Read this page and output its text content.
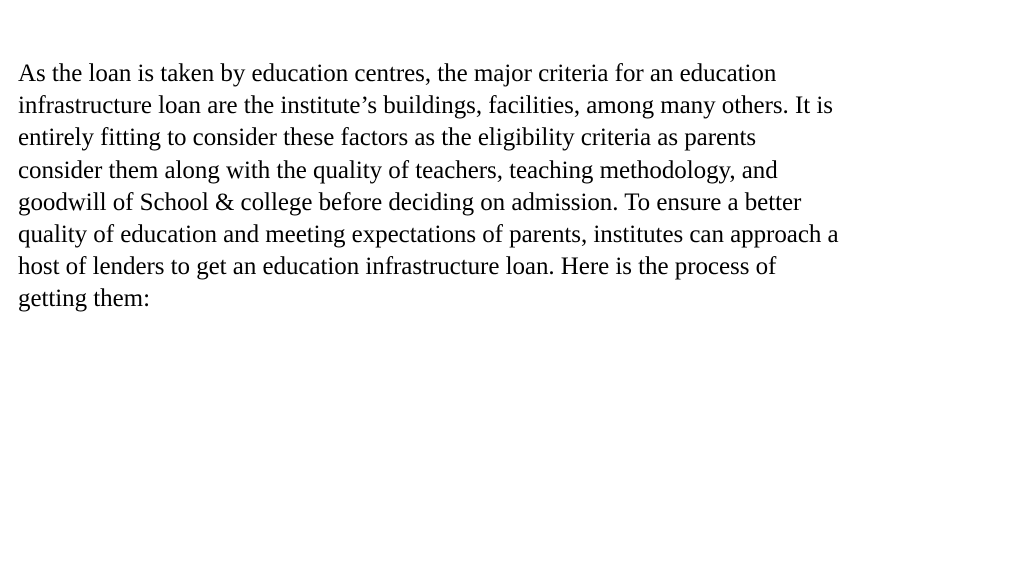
As the loan is taken by education centres, the major criteria for an education
infrastructure loan are the institute’s buildings, facilities, among many others. It is
entirely fitting to consider these factors as the eligibility criteria as parents
consider them along with the quality of teachers, teaching methodology, and
goodwill of School & college before deciding on admission. To ensure a better
quality of education and meeting expectations of parents, institutes can approach a
host of lenders to get an education infrastructure loan. Here is the process of
getting them:
